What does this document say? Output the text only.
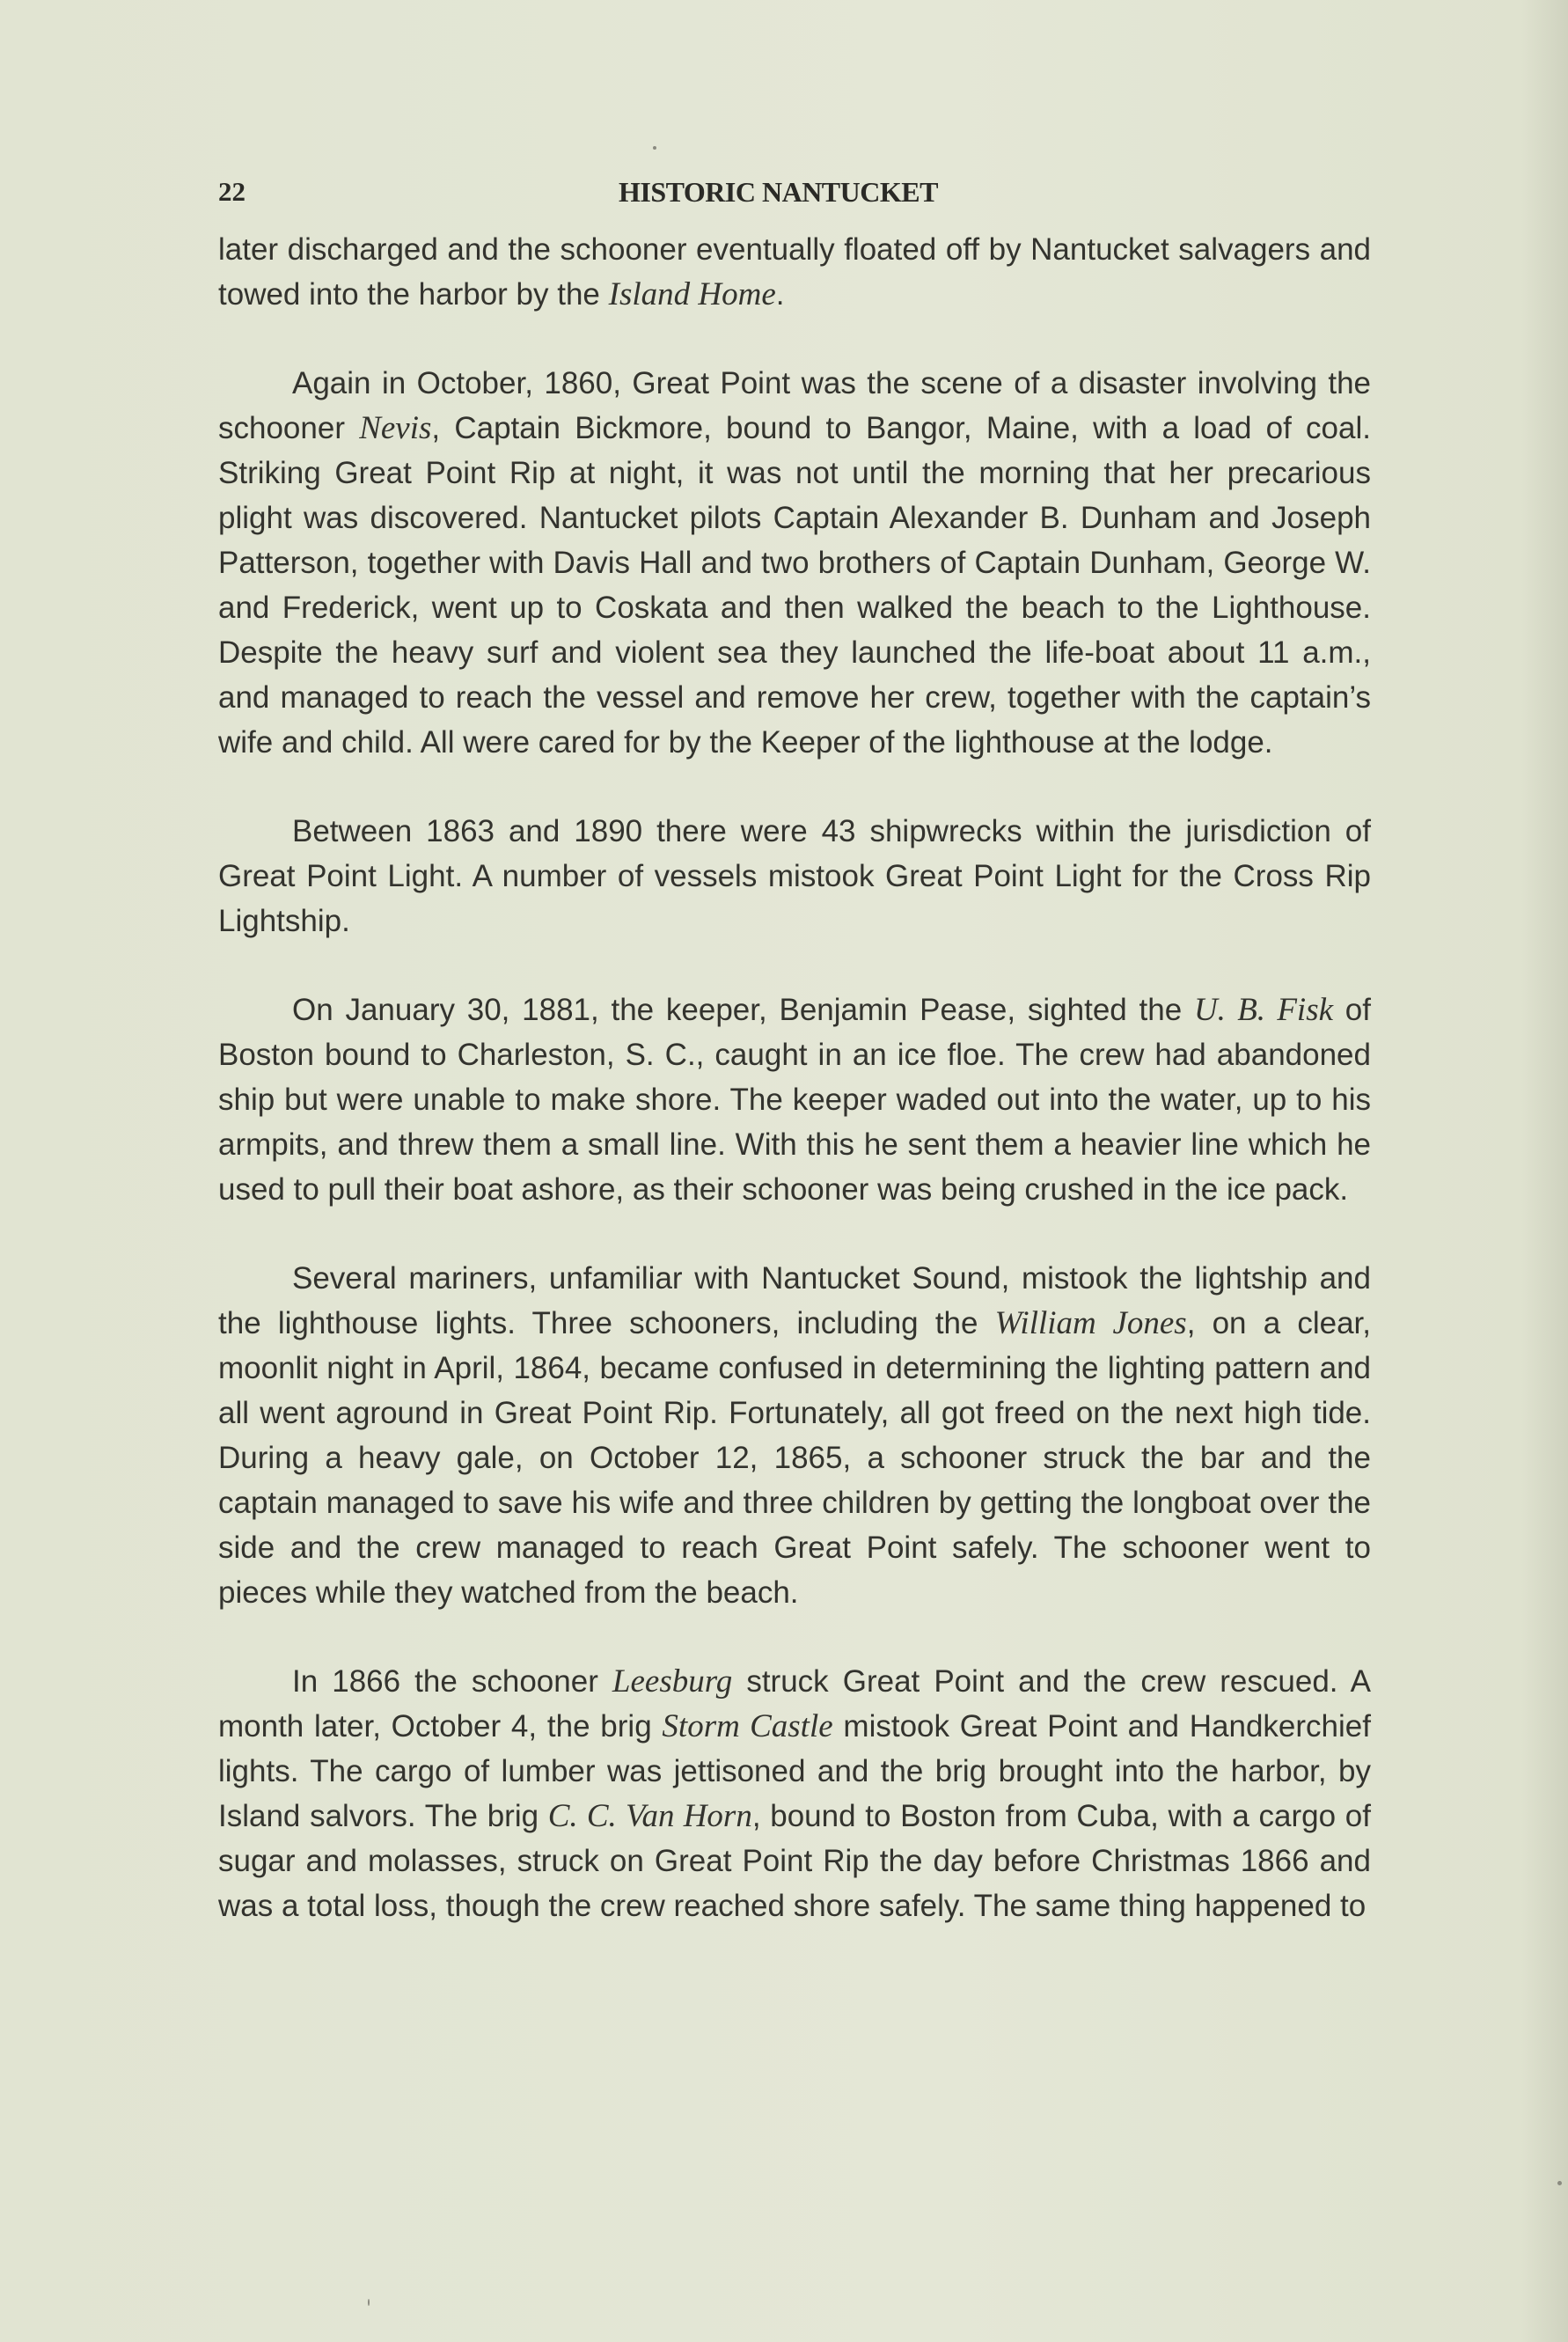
22	HISTORIC NANTUCKET

later discharged and the schooner eventually floated off by Nantucket salvagers and towed into the harbor by the Island Home.

Again in October, 1860, Great Point was the scene of a disaster involving the schooner Nevis, Captain Bickmore, bound to Bangor, Maine, with a load of coal. Striking Great Point Rip at night, it was not until the morning that her precarious plight was discovered. Nantucket pilots Captain Alexander B. Dunham and Joseph Patterson, together with Davis Hall and two brothers of Captain Dunham, George W. and Frederick, went up to Coskata and then walked the beach to the Lighthouse. Despite the heavy surf and violent sea they launched the life-boat about 11 a.m., and managed to reach the vessel and remove her crew, together with the captain’s wife and child. All were cared for by the Keeper of the lighthouse at the lodge.

Between 1863 and 1890 there were 43 shipwrecks within the jurisdiction of Great Point Light. A number of vessels mistook Great Point Light for the Cross Rip Lightship.

On January 30, 1881, the keeper, Benjamin Pease, sighted the U. B. Fisk of Boston bound to Charleston, S. C., caught in an ice floe. The crew had abandoned ship but were unable to make shore. The keeper waded out into the water, up to his armpits, and threw them a small line. With this he sent them a heavier line which he used to pull their boat ashore, as their schooner was being crushed in the ice pack.

Several mariners, unfamiliar with Nantucket Sound, mistook the lightship and the lighthouse lights. Three schooners, including the William Jones, on a clear, moonlit night in April, 1864, became confused in determining the lighting pattern and all went aground in Great Point Rip. Fortunately, all got freed on the next high tide. During a heavy gale, on October 12, 1865, a schooner struck the bar and the captain managed to save his wife and three children by getting the longboat over the side and the crew managed to reach Great Point safely. The schooner went to pieces while they watched from the beach.

In 1866 the schooner Leesburg struck Great Point and the crew rescued. A month later, October 4, the brig Storm Castle mistook Great Point and Handkerchief lights. The cargo of lumber was jettisoned and the brig brought into the harbor, by Island salvors. The brig C. C. Van Horn, bound to Boston from Cuba, with a cargo of sugar and molasses, struck on Great Point Rip the day before Christmas 1866 and was a total loss, though the crew reached shore safely. The same thing happened to
